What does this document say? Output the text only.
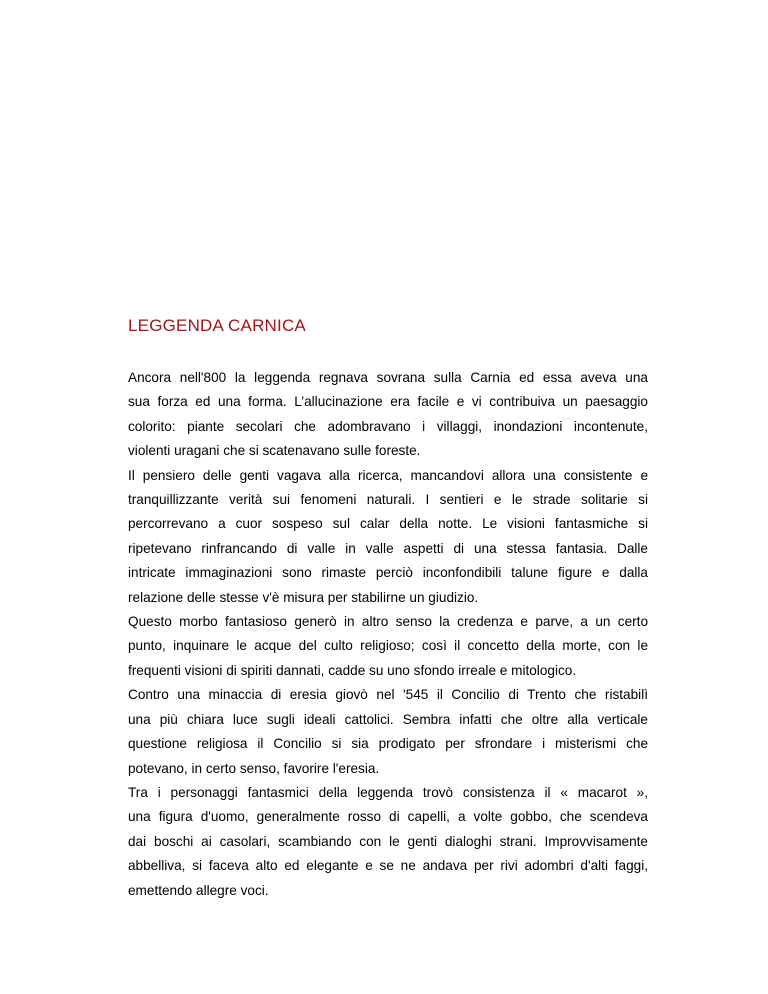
LEGGENDA CARNICA

Ancora nell'800 la leggenda regnava sovrana sulla Carnia ed essa aveva una

sua forza ed una forma. L’allucinazione era facile e vi contribuiva un paesaggio

colorito: piante secolari che adombravano i villaggi, inondazioni incontenute,

violenti uragani che si scatenavano sulle foreste.

Il pensiero delle genti vagava alla ricerca, mancandovi allora una consistente e

tranquillizzante verità sui fenomeni naturali. I sentieri e le strade solitarie si

percorrevano a cuor sospeso sul calar della notte. Le visioni fantasmiche si

ripetevano rinfrancando di valle in valle aspetti di una stessa fantasia. Dalle

intricate immaginazioni sono rimaste perciò inconfondibili talune figure e dalla

relazione delle stesse v'è misura per stabilirne un giudizio.

Questo morbo fantasioso generò in altro senso la credenza e parve, a un certo

punto, inquinare le acque del culto religioso; così il concetto della morte, con le

frequenti visioni di spiriti dannati, cadde su uno sfondo irreale e mitologico.

Contro una minaccia di eresia giovò nel '545 il Concilio di Trento che ristabilì

una più chiara luce sugli ideali cattolici. Sembra infatti che oltre alla verticale

questione religiosa il Concilio si sia prodigato per sfrondare i misterismi che

potevano, in certo senso, favorire l'eresia.

Tra i personaggi fantasmici della leggenda trovò consistenza il « macarot »,

una figura d'uomo, generalmente rosso di capelli, a volte gobbo, che scendeva

dai boschi ai casolari, scambiando con le genti dialoghi strani. Improvvisamente

abbelliva, si faceva alto ed elegante e se ne andava per rivi adombri d'alti faggi,

emettendo allegre voci.
